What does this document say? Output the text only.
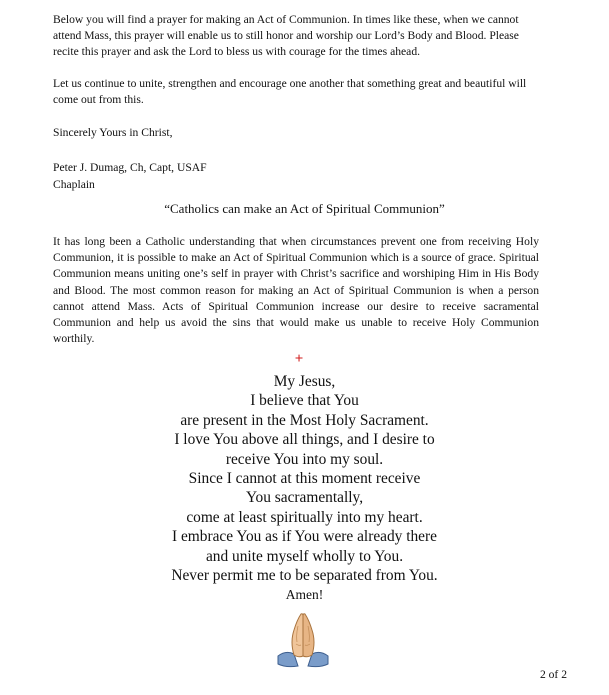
Below you will find a prayer for making an Act of Communion. In times like these, when we cannot attend Mass, this prayer will enable us to still honor and worship our Lord’s Body and Blood. Please recite this prayer and ask the Lord to bless us with courage for the times ahead.

Let us continue to unite, strengthen and encourage one another that something great and beautiful will come out from this.

Sincerely Yours in Christ,

Peter J. Dumag, Ch, Capt, USAF

Chaplain

“Catholics can make an Act of Spiritual Communion”

It has long been a Catholic understanding that when circumstances prevent one from receiving Holy Communion, it is possible to make an Act of Spiritual Communion which is a source of grace. Spiritual Communion means uniting one’s self in prayer with Christ’s sacrifice and worshiping Him in His Body and Blood. The most common reason for making an Act of Spiritual Communion is when a person cannot attend Mass. Acts of Spiritual Communion increase our desire to receive sacramental Communion and help us avoid the sins that would make us unable to receive Holy Communion worthily.

+
My Jesus,
I believe that You
are present in the Most Holy Sacrament.
I love You above all things, and I desire to
receive You into my soul.
Since I cannot at this moment receive
You sacramentally,
come at least spiritually into my heart.
I embrace You as if You were already there
and unite myself wholly to You.
Never permit me to be separated from You.
Amen!
2 of 2
